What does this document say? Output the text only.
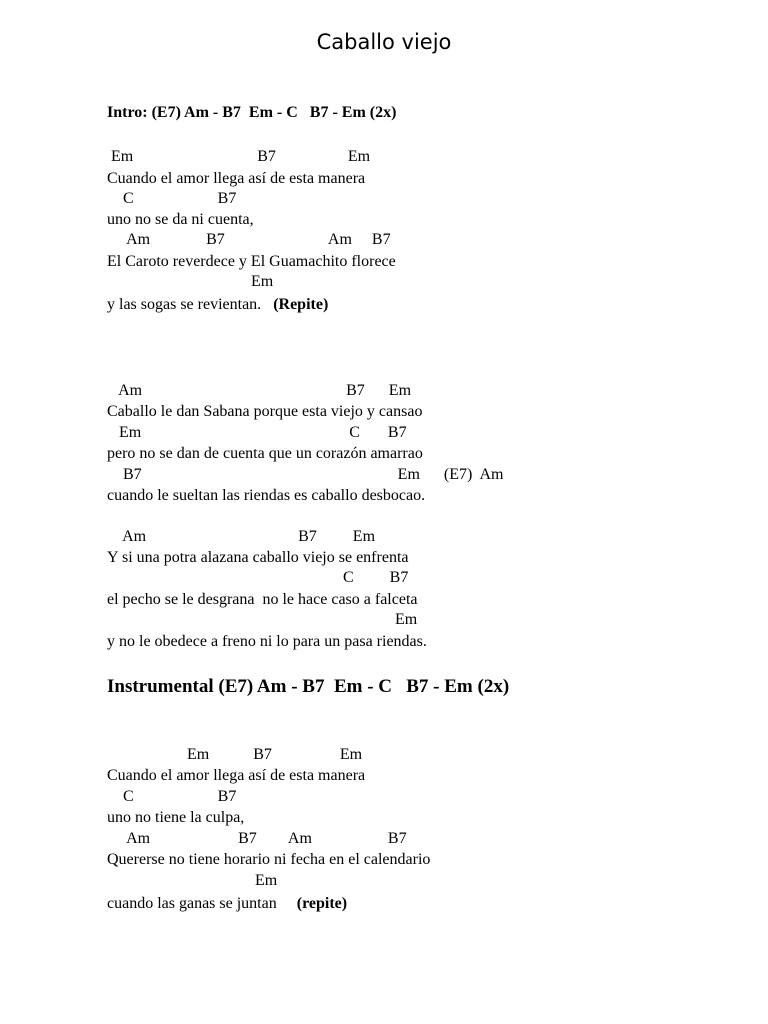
Caballo viejo
Intro: (E7) Am - B7  Em - C   B7 - Em (2x)
Em                               B7                  Em
Cuando el amor llega así de esta manera
C                     B7
uno no se da ni cuenta,
Am              B7                          Am     B7
El Caroto reverdece y El Guamachito florece
Em
y las sogas se revientan.   (Repite)
Am                                                   B7      Em
Caballo le dan Sabana porque esta viejo y cansao
Em                                                    C       B7
pero no se dan de cuenta que un corazón amarrao
B7                                                                Em      (E7)  Am
cuando le sueltan las riendas es caballo desbocao.
Am                                      B7         Em
Y si una potra alazana caballo viejo se enfrenta
C         B7
el pecho se le desgrana  no le hace caso a falceta
Em
y no le obedece a freno ni lo para un pasa riendas.
Instrumental (E7) Am - B7  Em - C   B7 - Em (2x)
Em           B7                 Em
Cuando el amor llega así de esta manera
C                     B7
uno no tiene la culpa,
Am                      B7        Am                   B7
Quererse no tiene horario ni fecha en el calendario
Em
cuando las ganas se juntan     (repite)
